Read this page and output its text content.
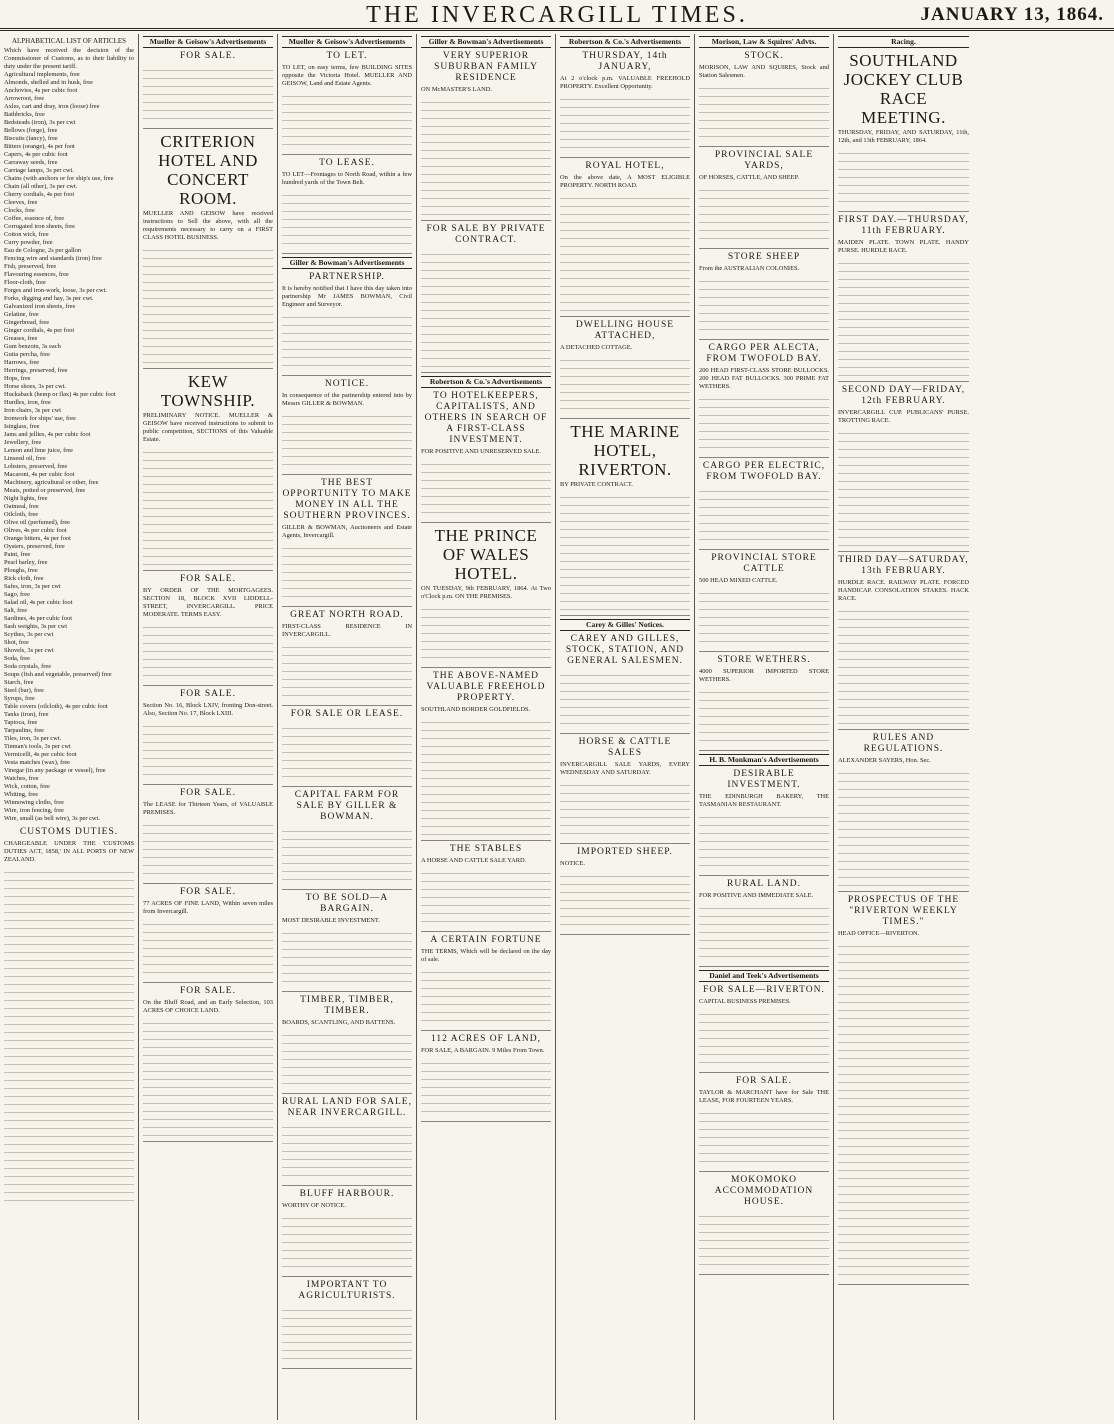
THE INVERCARGILL TIMES.	JANUARY 13, 1864.
ALPHABETICAL LIST OF ARTICLES
Which have received the decision of the Commissioner of Customs, as to their liability to duty under the present tariff.
Agricultural implements, free
Almonds, shelled and in husk, free
Anchovies, 4s per cubic foot
Arrowroot, free
Axles, cart and dray, iron (loose) free
Bathbricks, free
Bedsteads (iron), 3s per cwt
Bellows (forge), free
Biscuits (fancy), free
Bitters (orange), 4s per foot
Capers, 4s per cubic foot
Carraway seeds, free
Carriage lamps, 3s per cwt.
Chains (with anchors or for ship's use, free
Chain (all other), 3s per cwt.
Cherry cordials, 4s per foot
Cleeves, free
Clocks, free
Coffee, essence of, free
Corrugated iron sheets, free
Cotton wick, free
Curry powder, free
Eau de Cologne, 2s per gallon
Fencing wire and standards (iron) free
Fish, preserved, free
Flavouring essences, free
Floor-cloth, free
Forges and iron-work, loose, 3s per cwt.
Forks, digging and hay, 3s per cwt.
Galvanized iron sheets, free
Gelatine, free
Gingerbread, free
Ginger cordials, 4s per foot
Greases, free
Gum benzoin, 3s each
Gutta percha, free
Harrows, free
Herrings, preserved, free
Hops, free
Horse shoes, 3s per cwt.
Huckaback (hemp or flax) 4s per cubic foot
Hurdles, iron, free
Iron chairs, 3s per cwt
Ironwork for ships' use, free
Isinglass, free
Jams and jellies, 4s per cubic foot
Jewellery, free
Lemon and lime juice, free
Linseed oil, free
Lobsters, preserved, free
Macaroni, 4s per cubic foot
Machinery, agricultural or other, free
Meats, potted or preserved, free
Night lights, free
Oatmeal, free
Oilcloth, free
Olive oil (perfumed), free
Olives, 4s per cubic foot
Orange bitters, 4s per foot
Oysters, preserved, free
Paint, free
Pearl barley, free
Ploughs, free
Rick cloth, free
Safes, iron, 3s per cwt
Sago, free
Salad oil, 4s per cubic foot
Salt, free
Sardines, 4s per cubic foot
Sash weights, 3s per cwt
Scythes, 3s per cwt
Shot, free
Shovels, 3s per cwt
Soda, free
Soda crystals, free
Soups (fish and vegetable, preserved) free
Starch, free
Steel (bar), free
Syrups, free
Table covers (oilcloth), 4s per cubic foot
Tanks (iron), free
Tapioca, free
Tarpaulins, free
Tiles, iron, 3s per cwt.
Tinman's tools, 3s per cwt
Vermicelli, 4s per cubic foot
Vesta matches (wax), free
Vinegar (in any package or vessel), free
Watches, free
Wick, cotton, free
Whiting, free
Winnowing cloths, free
Wire, iron fencing, free
Wire, small (as bell wire), 3s per cwt.
CUSTOMS DUTIES.
CHARGEABLE UNDER THE 'CUSTOMS DUTIES ACT, 1858,' IN ALL PORTS OF NEW ZEALAND.
Mueller & Geisow's Advertisements
FOR SALE.
CRITERION HOTEL AND CONCERT ROOM.
MUELLER AND GEISOW have received instructions to Sell the above, with all the requirements necessary to carry on a FIRST CLASS HOTEL BUSINESS.
KEW TOWNSHIP.
PRELIMINARY NOTICE. MUELLER & GEISOW have received instructions to submit to public competition, SECTIONS of this Valuable Estate.
FOR SALE.
BY ORDER OF THE MORTGAGEES. SECTION 18, BLOCK XVII LIDDELL-STREET, INVERCARGILL. PRICE MODERATE. TERMS EASY.
FOR SALE.
Section No. 16, Block LXIV, fronting Don-street. Also, Section No. 17, Block LXIII.
FOR SALE.
The LEASE for Thirteen Years, of VALUABLE PREMISES.
FOR SALE.
77 ACRES OF FINE LAND, Within seven miles from Invercargill.
FOR SALE.
On the Bluff Road, and an Early Selection, 103 ACRES OF CHOICE LAND.
Mueller & Geisow's Advertisements
TO LET.
TO LET, on easy terms, few BUILDING SITES opposite the Victoria Hotel. MUELLER AND GEISOW, Land and Estate Agents.
TO LEASE.
TO LET—Frontages to North Road, within a few hundred yards of the Town Belt.
Giller & Bowman's Advertisements
PARTNERSHIP.
It is hereby notified that I have this day taken into partnership Mr JAMES BOWMAN, Civil Engineer and Surveyor.
NOTICE.
In consequence of the partnership entered into by Messrs GILLER & BOWMAN.
THE BEST OPPORTUNITY TO MAKE MONEY IN ALL THE SOUTHERN PROVINCES.
GILLER & BOWMAN, Auctioneers and Estate Agents, Invercargill.
GREAT NORTH ROAD.
FIRST-CLASS RESIDENCE IN INVERCARGILL.
FOR SALE OR LEASE.
CAPITAL FARM FOR SALE BY GILLER & BOWMAN.
TO BE SOLD—A BARGAIN.
MOST DESIRABLE INVESTMENT.
TIMBER, TIMBER, TIMBER.
BOARDS, SCANTLING, AND BATTENS.
RURAL LAND FOR SALE, NEAR INVERCARGILL.
BLUFF HARBOUR.
WORTHY OF NOTICE.
IMPORTANT TO AGRICULTURISTS.
Giller & Bowman's Advertisements
VERY SUPERIOR SUBURBAN FAMILY RESIDENCE
ON McMASTER'S LAND.
FOR SALE BY PRIVATE CONTRACT.
Robertson & Co.'s Advertisements
TO HOTELKEEPERS, CAPITALISTS, AND OTHERS IN SEARCH OF A FIRST-CLASS INVESTMENT.
FOR POSITIVE AND UNRESERVED SALE.
THE PRINCE OF WALES HOTEL.
ON TUESDAY, 9th FEBRUARY, 1864. At Two o'Clock p.m. ON THE PREMISES.
THE ABOVE-NAMED VALUABLE FREEHOLD PROPERTY.
SOUTHLAND BORDER GOLDFIELDS.
THE STABLES
A HORSE AND CATTLE SALE YARD.
A CERTAIN FORTUNE
THE TERMS, Which will be declared on the day of sale.
112 ACRES OF LAND,
FOR SALE, A BARGAIN. 9 Miles From Town.
Robertson & Co.'s Advertisements
THURSDAY, 14th JANUARY,
At 2 o'clock p.m. VALUABLE FREEHOLD PROPERTY. Excellent Opportunity.
ROYAL HOTEL,
On the above date, A MOST ELIGIBLE PROPERTY. NORTH ROAD.
DWELLING HOUSE ATTACHED,
A DETACHED COTTAGE.
THE MARINE HOTEL, RIVERTON.
BY PRIVATE CONTRACT.
Carey & Gilles' Notices.
CAREY AND GILLES, STOCK, STATION, AND GENERAL SALESMEN.
HORSE & CATTLE SALES
INVERCARGILL SALE YARDS, EVERY WEDNESDAY AND SATURDAY.
IMPORTED SHEEP.
NOTICE.
Morison, Law & Squires' Advts.
STOCK.
MORISON, LAW AND SQUIRES, Stock and Station Salesmen.
PROVINCIAL SALE YARDS,
OF HORSES, CATTLE, AND SHEEP.
STORE SHEEP
From the AUSTRALIAN COLONIES.
CARGO PER ALECTA, FROM TWOFOLD BAY.
200 HEAD FIRST-CLASS STORE BULLOCKS. 200 HEAD FAT BULLOCKS. 300 PRIME FAT WETHERS.
CARGO PER ELECTRIC, FROM TWOFOLD BAY.
PROVINCIAL STORE CATTLE
500 HEAD MIXED CATTLE.
STORE WETHERS.
4000 SUPERIOR IMPORTED STORE WETHERS.
H. B. Monkman's Advertisements
DESIRABLE INVESTMENT.
THE EDINBURGH BAKERY, THE TASMANIAN RESTAURANT.
RURAL LAND.
FOR POSITIVE AND IMMEDIATE SALE.
Daniel and Teek's Advertisements
FOR SALE—RIVERTON.
CAPITAL BUSINESS PREMISES.
FOR SALE.
TAYLOR & MARCHANT have for Sale THE LEASE, FOR FOURTEEN YEARS.
MOKOMOKO ACCOMMODATION HOUSE.
Racing.
SOUTHLAND JOCKEY CLUB RACE MEETING.
THURSDAY, FRIDAY, AND SATURDAY, 11th, 12th, and 13th FEBRUARY, 1864.
FIRST DAY.—THURSDAY, 11th FEBRUARY.
MAIDEN PLATE. TOWN PLATE. HANDY PURSE. HURDLE RACE.
SECOND DAY—FRIDAY, 12th FEBRUARY.
INVERCARGILL CUP. PUBLICANS' PURSE. TROTTING RACE.
THIRD DAY—SATURDAY, 13th FEBRUARY.
HURDLE RACE. RAILWAY PLATE. FORCED HANDICAP. CONSOLATION STAKES. HACK RACE.
RULES AND REGULATIONS.
ALEXANDER SAYERS, Hon. Sec.
PROSPECTUS OF THE "RIVERTON WEEKLY TIMES."
HEAD OFFICE—RIVERTON.
